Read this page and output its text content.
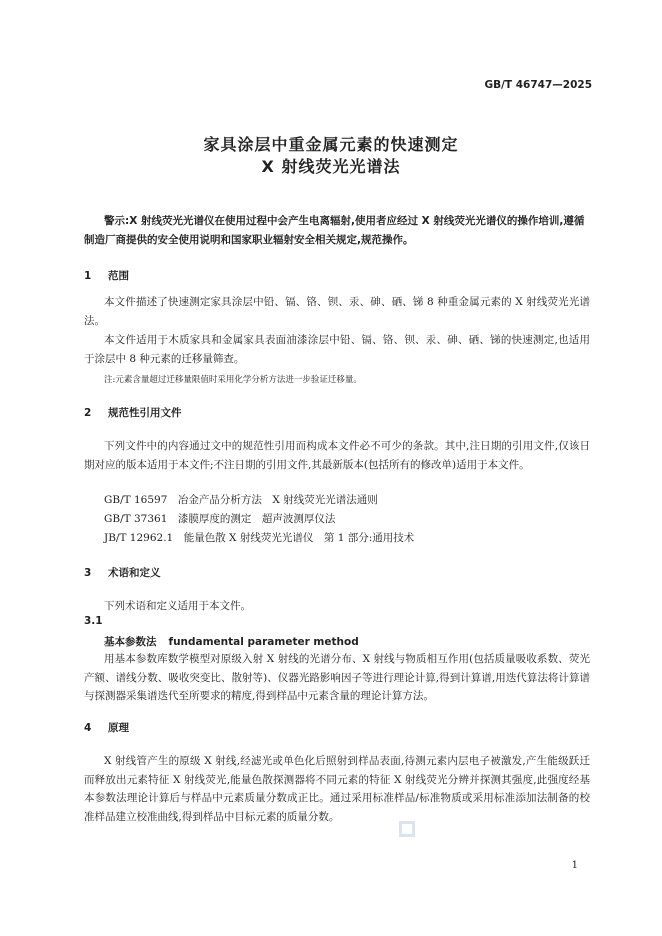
GB/T 46747—2025
家具涂层中重金属元素的快速测定
X 射线荧光光谱法
警示:X 射线荧光光谱仪在使用过程中会产生电离辐射,使用者应经过 X 射线荧光光谱仪的操作培训,遵循制造厂商提供的安全使用说明和国家职业辐射安全相关规定,规范操作。
1 范围
本文件描述了快速测定家具涂层中铅、镉、铬、钡、汞、砷、硒、锑 8 种重金属元素的 X 射线荧光光谱法。
本文件适用于木质家具和金属家具表面油漆涂层中铅、镉、铬、钡、汞、砷、硒、锑的快速测定,也适用于涂层中 8 种元素的迁移量筛查。
注:元素含量超过迁移量限值时采用化学分析方法进一步验证迁移量。
2 规范性引用文件
下列文件中的内容通过文中的规范性引用而构成本文件必不可少的条款。其中,注日期的引用文件,仅该日期对应的版本适用于本文件;不注日期的引用文件,其最新版本(包括所有的修改单)适用于本文件。
GB/T 16597　冶金产品分析方法　X 射线荧光光谱法通则
GB/T 37361　漆膜厚度的测定　超声波测厚仪法
JB/T 12962.1　能量色散 X 射线荧光光谱仪　第 1 部分:通用技术
3 术语和定义
下列术语和定义适用于本文件。
3.1
基本参数法 fundamental parameter method
用基本参数库数学模型对原级入射 X 射线的光谱分布、X 射线与物质相互作用(包括质量吸收系数、荧光产额、谱线分数、吸收突变比、散射等)、仪器光路影响因子等进行理论计算,得到计算谱,用迭代算法将计算谱与探测器采集谱迭代至所要求的精度,得到样品中元素含量的理论计算方法。
4 原理
X 射线管产生的原级 X 射线,经滤光或单色化后照射到样品表面,待测元素内层电子被激发,产生能级跃迁而释放出元素特征 X 射线荧光,能量色散探测器将不同元素的特征 X 射线荧光分辨并探测其强度,此强度经基本参数法理论计算后与样品中元素质量分数成正比。通过采用标准样品/标准物质或采用标准添加法制备的校准样品建立校准曲线,得到样品中目标元素的质量分数。
1
